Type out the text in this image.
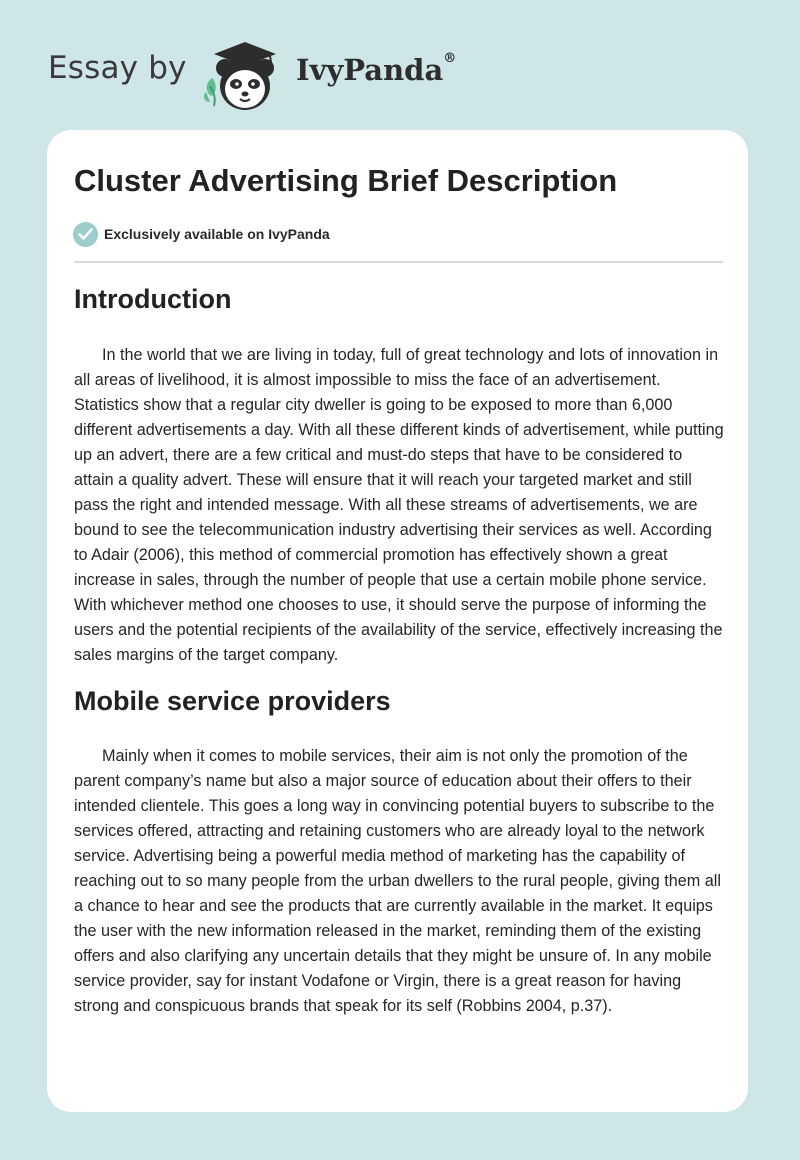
Essay by	IvyPanda®
Cluster Advertising Brief Description
Exclusively available on IvyPanda
Introduction

In the world that we are living in today, full of great technology and lots of innovation in all areas of livelihood, it is almost impossible to miss the face of an advertisement. Statistics show that a regular city dweller is going to be exposed to more than 6,000 different advertisements a day. With all these different kinds of advertisement, while putting up an advert, there are a few critical and must-do steps that have to be considered to attain a quality advert. These will ensure that it will reach your targeted market and still pass the right and intended message. With all these streams of advertisements, we are bound to see the telecommunication industry advertising their services as well. According to Adair (2006), this method of commercial promotion has effectively shown a great increase in sales, through the number of people that use a certain mobile phone service. With whichever method one chooses to use, it should serve the purpose of informing the users and the potential recipients of the availability of the service, effectively increasing the sales margins of the target company.

Mobile service providers

Mainly when it comes to mobile services, their aim is not only the promotion of the parent company’s name but also a major source of education about their offers to their intended clientele. This goes a long way in convincing potential buyers to subscribe to the services offered, attracting and retaining customers who are already loyal to the network service. Advertising being a powerful media method of marketing has the capability of reaching out to so many people from the urban dwellers to the rural people, giving them all a chance to hear and see the products that are currently available in the market. It equips the user with the new information released in the market, reminding them of the existing offers and also clarifying any uncertain details that they might be unsure of. In any mobile service provider, say for instant Vodafone or Virgin, there is a great reason for having strong and conspicuous brands that speak for its self (Robbins 2004, p.37).
